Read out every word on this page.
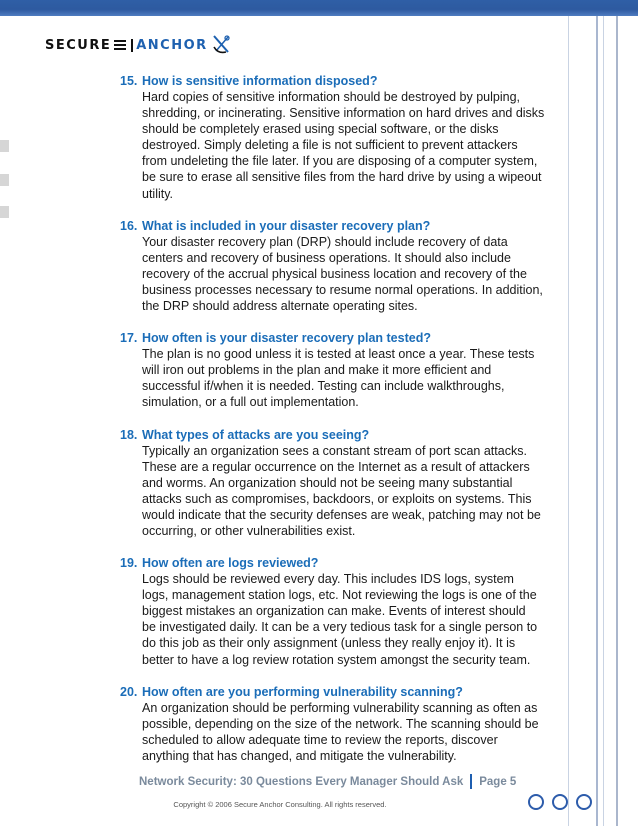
SECURE ANCHOR
15. How is sensitive information disposed?
Hard copies of sensitive information should be destroyed by pulping,
shredding, or incinerating. Sensitive information on hard drives and disks
should be completely erased using special software, or the disks
destroyed. Simply deleting a file is not sufficient to prevent attackers
from undeleting the file later. If you are disposing of a computer system,
be sure to erase all sensitive files from the hard drive by using a wipeout
utility.
16. What is included in your disaster recovery plan?
Your disaster recovery plan (DRP) should include recovery of data
centers and recovery of business operations. It should also include
recovery of the accrual physical business location and recovery of the
business processes necessary to resume normal operations. In addition,
the DRP should address alternate operating sites.
17. How often is your disaster recovery plan tested?
The plan is no good unless it is tested at least once a year. These tests
will iron out problems in the plan and make it more efficient and
successful if/when it is needed. Testing can include walkthroughs,
simulation, or a full out implementation.
18. What types of attacks are you seeing?
Typically an organization sees a constant stream of port scan attacks.
These are a regular occurrence on the Internet as a result of attackers
and worms. An organization should not be seeing many substantial
attacks such as compromises, backdoors, or exploits on systems. This
would indicate that the security defenses are weak, patching may not be
occurring, or other vulnerabilities exist.
19. How often are logs reviewed?
Logs should be reviewed every day. This includes IDS logs, system
logs, management station logs, etc. Not reviewing the logs is one of the
biggest mistakes an organization can make. Events of interest should
be investigated daily. It can be a very tedious task for a single person to
do this job as their only assignment (unless they really enjoy it). It is
better to have a log review rotation system amongst the security team.
20. How often are you performing vulnerability scanning?
An organization should be performing vulnerability scanning as often as
possible, depending on the size of the network. The scanning should be
scheduled to allow adequate time to review the reports, discover
anything that has changed, and mitigate the vulnerability.
Network Security: 30 Questions Every Manager Should Ask Page 5
Copyright © 2006 Secure Anchor Consulting. All rights reserved.
